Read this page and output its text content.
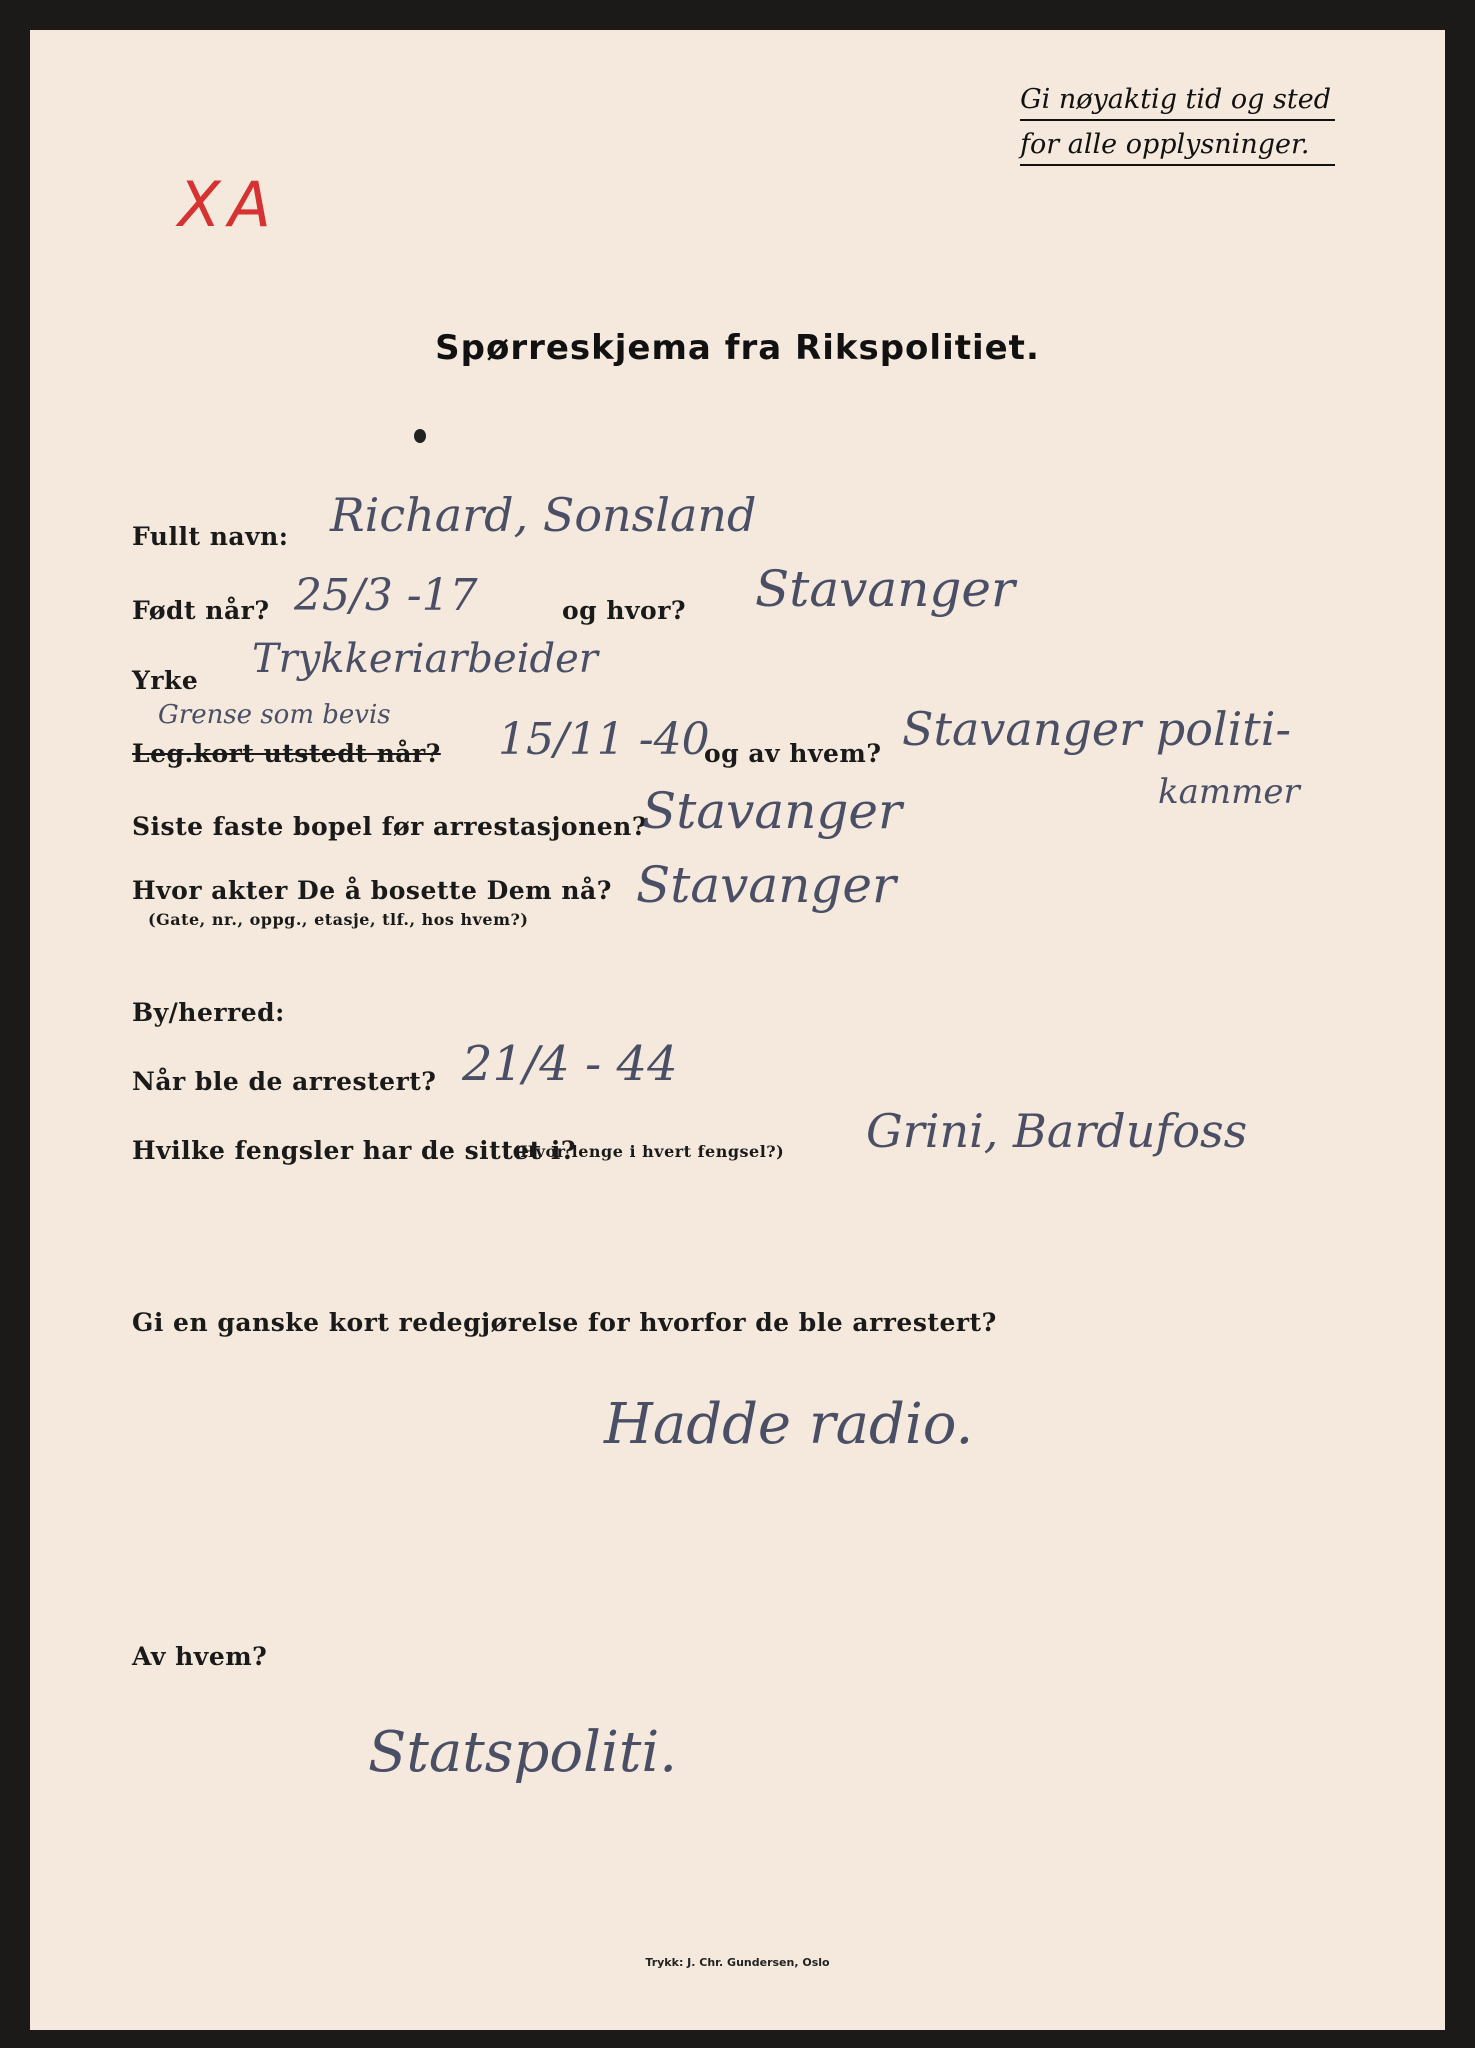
XA
Gi nøyaktig tid og sted
for alle opplysninger.
Spørreskjema fra Rikspolitiet.
Fullt navn: Richard, Sonsland
Født når? 25/3 -17	og hvor? Stavanger
Yrke Trykkeriarbeider
Grense som bevis
Leg.kort utstedt når? 15/11 -40
og av hvem? Stavanger politi-
kammer
Siste faste bopel før arrestasjonen?
Stavanger
Hvor akter De å bosette Dem nå?
(Gate, nr., oppg., etasje, tlf., hos hvem?)
Stavanger
By/herred:
Når ble de arrestert? 21/4 - 44
Hvilke fengsler har de sittet i?
(Hvor lenge i hvert fengsel?) Grini, Bardufoss
Gi en ganske kort redegjørelse for hvorfor de ble arrestert?
Hadde radio.
Av hvem?
Statspoliti.
Trykk: J. Chr. Gundersen, Oslo
